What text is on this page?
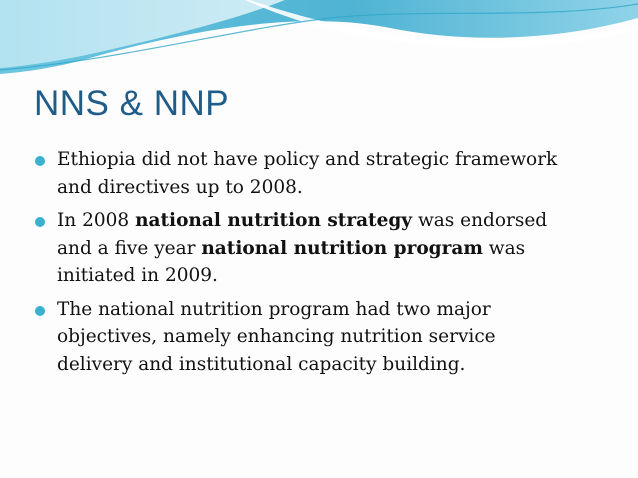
NNS & NNP
Ethiopia did not have policy and strategic framework
and directives up to 2008.
In 2008 national nutrition strategy was endorsed
and a five year national nutrition program was
initiated in 2009.
The national nutrition program had two major
objectives, namely enhancing nutrition service
delivery and institutional capacity building.
